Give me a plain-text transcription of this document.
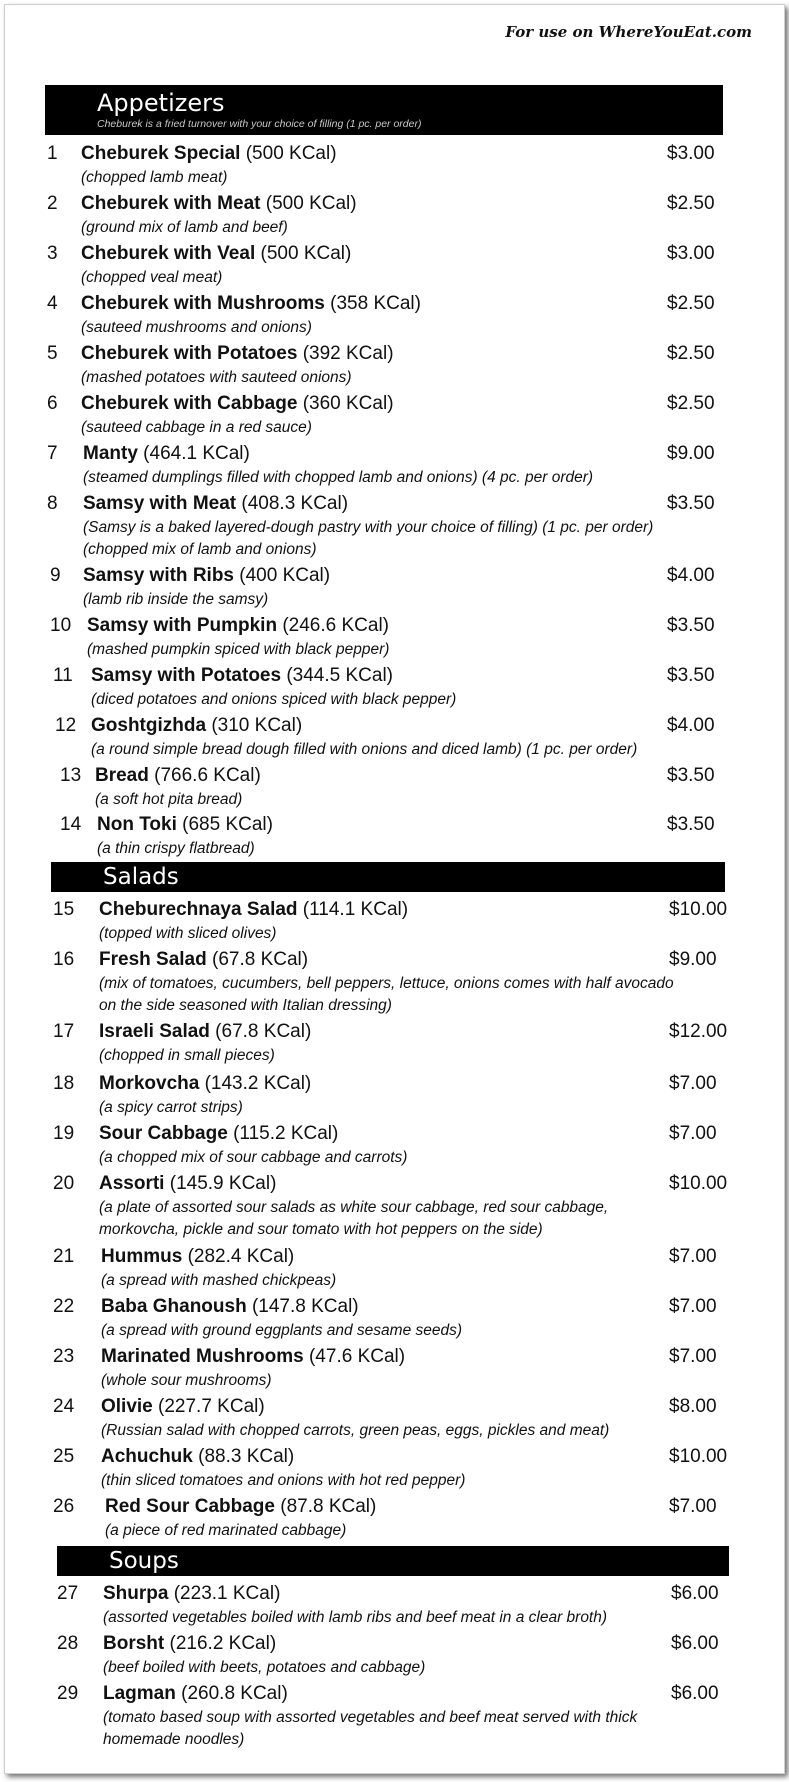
For use on WhereYouEat.com
Appetizers
Cheburek is a fried turnover with your choice of filling (1 pc. per order)
1 Cheburek Special (500 KCal)	$3.00
(chopped lamb meat)
2 Cheburek with Meat (500 KCal)	$2.50
(ground mix of lamb and beef)
3 Cheburek with Veal (500 KCal)	$3.00
(chopped veal meat)
4 Cheburek with Mushrooms (358 KCal)	$2.50
(sauteed mushrooms and onions)
5 Cheburek with Potatoes (392 KCal)	$2.50
(mashed potatoes with sauteed onions)
6 Cheburek with Cabbage (360 KCal)	$2.50
(sauteed cabbage in a red sauce)
7 Manty (464.1 KCal)	$9.00
(steamed dumplings filled with chopped lamb and onions) (4 pc. per order)
8 Samsy with Meat (408.3 KCal)	$3.50
(Samsy is a baked layered-dough pastry with your choice of filling) (1 pc. per order)
(chopped mix of lamb and onions)
9 Samsy with Ribs (400 KCal)	$4.00
(lamb rib inside the samsy)
10 Samsy with Pumpkin (246.6 KCal)	$3.50
(mashed pumpkin spiced with black pepper)
11 Samsy with Potatoes (344.5 KCal)	$3.50
(diced potatoes and onions spiced with black pepper)
12 Goshtgizhda (310 KCal)	$4.00
(a round simple bread dough filled with onions and diced lamb) (1 pc. per order)
13 Bread (766.6 KCal)	$3.50
(a soft hot pita bread)
14 Non Toki (685 KCal)	$3.50
(a thin crispy flatbread)
Salads
15 Cheburechnaya Salad (114.1 KCal)	$10.00
(topped with sliced olives)
16 Fresh Salad (67.8 KCal)	$9.00
(mix of tomatoes, cucumbers, bell peppers, lettuce, onions comes with half avocado
on the side seasoned with Italian dressing)
17 Israeli Salad (67.8 KCal)	$12.00
(chopped in small pieces)
18 Morkovcha (143.2 KCal)	$7.00
(a spicy carrot strips)
19 Sour Cabbage (115.2 KCal)	$7.00
(a chopped mix of sour cabbage and carrots)
20 Assorti (145.9 KCal)	$10.00
(a plate of assorted sour salads as white sour cabbage, red sour cabbage,
morkovcha, pickle and sour tomato with hot peppers on the side)
21 Hummus (282.4 KCal)	$7.00
(a spread with mashed chickpeas)
22 Baba Ghanoush (147.8 KCal)	$7.00
(a spread with ground eggplants and sesame seeds)
23 Marinated Mushrooms (47.6 KCal)	$7.00
(whole sour mushrooms)
24 Olivie (227.7 KCal)	$8.00
(Russian salad with chopped carrots, green peas, eggs, pickles and meat)
25 Achuchuk (88.3 KCal)	$10.00
(thin sliced tomatoes and onions with hot red pepper)
26 Red Sour Cabbage (87.8 KCal)	$7.00
(a piece of red marinated cabbage)
Soups
27 Shurpa (223.1 KCal)	$6.00
(assorted vegetables boiled with lamb ribs and beef meat in a clear broth)
28 Borsht (216.2 KCal)	$6.00
(beef boiled with beets, potatoes and cabbage)
29 Lagman (260.8 KCal)	$6.00
(tomato based soup with assorted vegetables and beef meat served with thick
homemade noodles)
